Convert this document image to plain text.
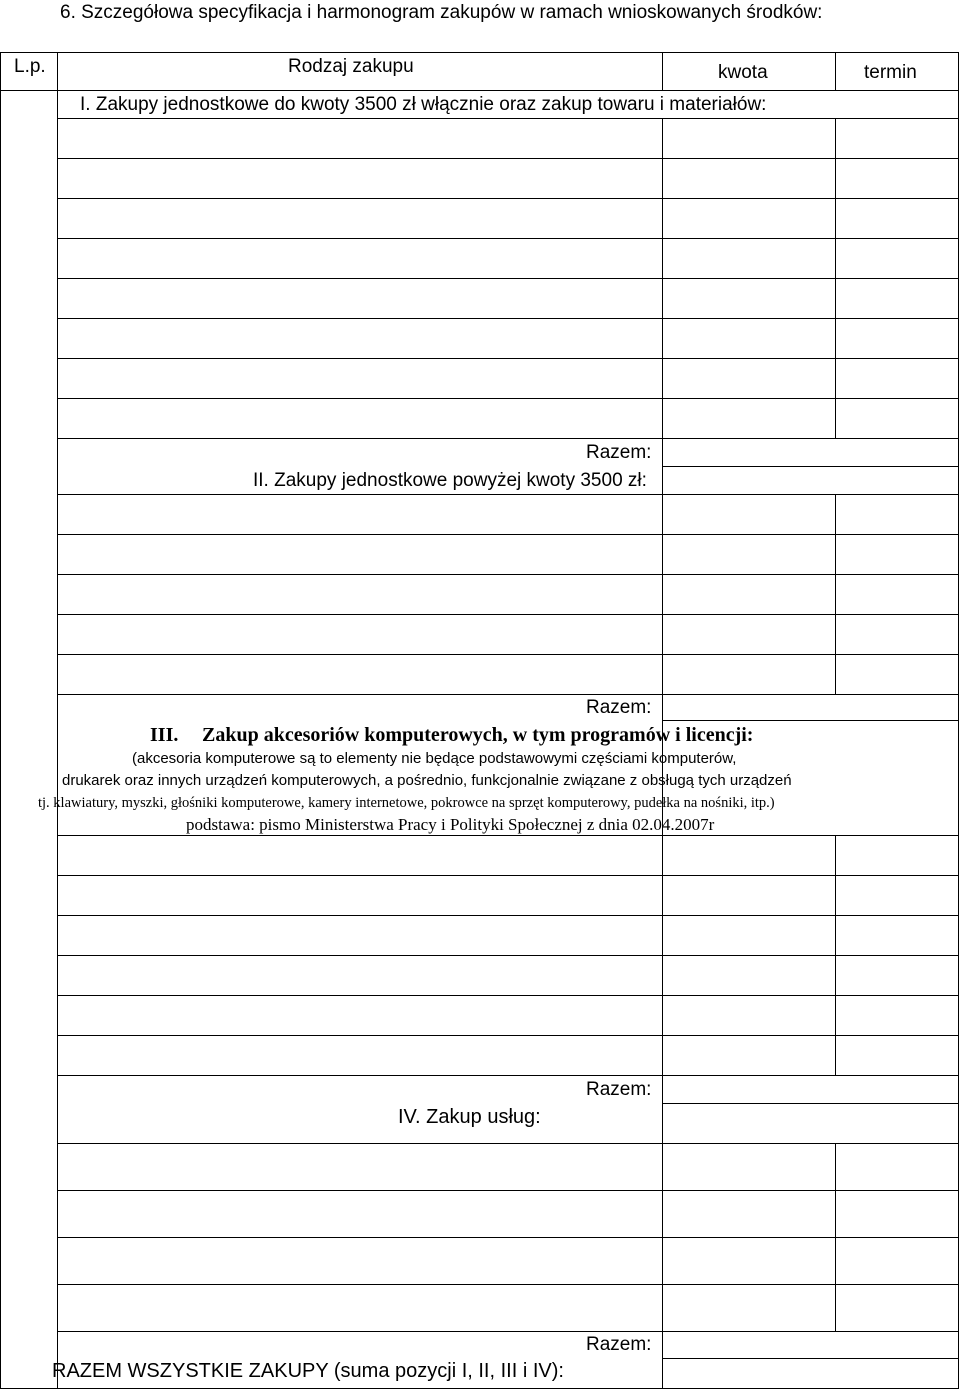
6. Szczegółowa specyfikacja i harmonogram zakupów w ramach wnioskowanych środków:
L.p.	Rodzaj zakupu	kwota	termin
I. Zakupy jednostkowe do kwoty 3500 zł włącznie oraz zakup towaru i materiałów:
Razem:
II. Zakupy jednostkowe powyżej kwoty 3500 zł:
Razem:
III. Zakup akcesoriów komputerowych, w tym programów i licencji:
(akcesoria komputerowe są to elementy nie będące podstawowymi częściami komputerów,
drukarek oraz innych urządzeń komputerowych, a pośrednio, funkcjonalnie związane z obsługą tych urządzeń
tj. klawiatury, myszki, głośniki komputerowe, kamery internetowe, pokrowce na sprzęt komputerowy, pudełka na nośniki, itp.)
podstawa: pismo Ministerstwa Pracy i Polityki Społecznej z dnia 02.04.2007r
Razem:
IV. Zakup usług:
Razem:
RAZEM WSZYSTKIE ZAKUPY (suma pozycji I, II, III i IV):
